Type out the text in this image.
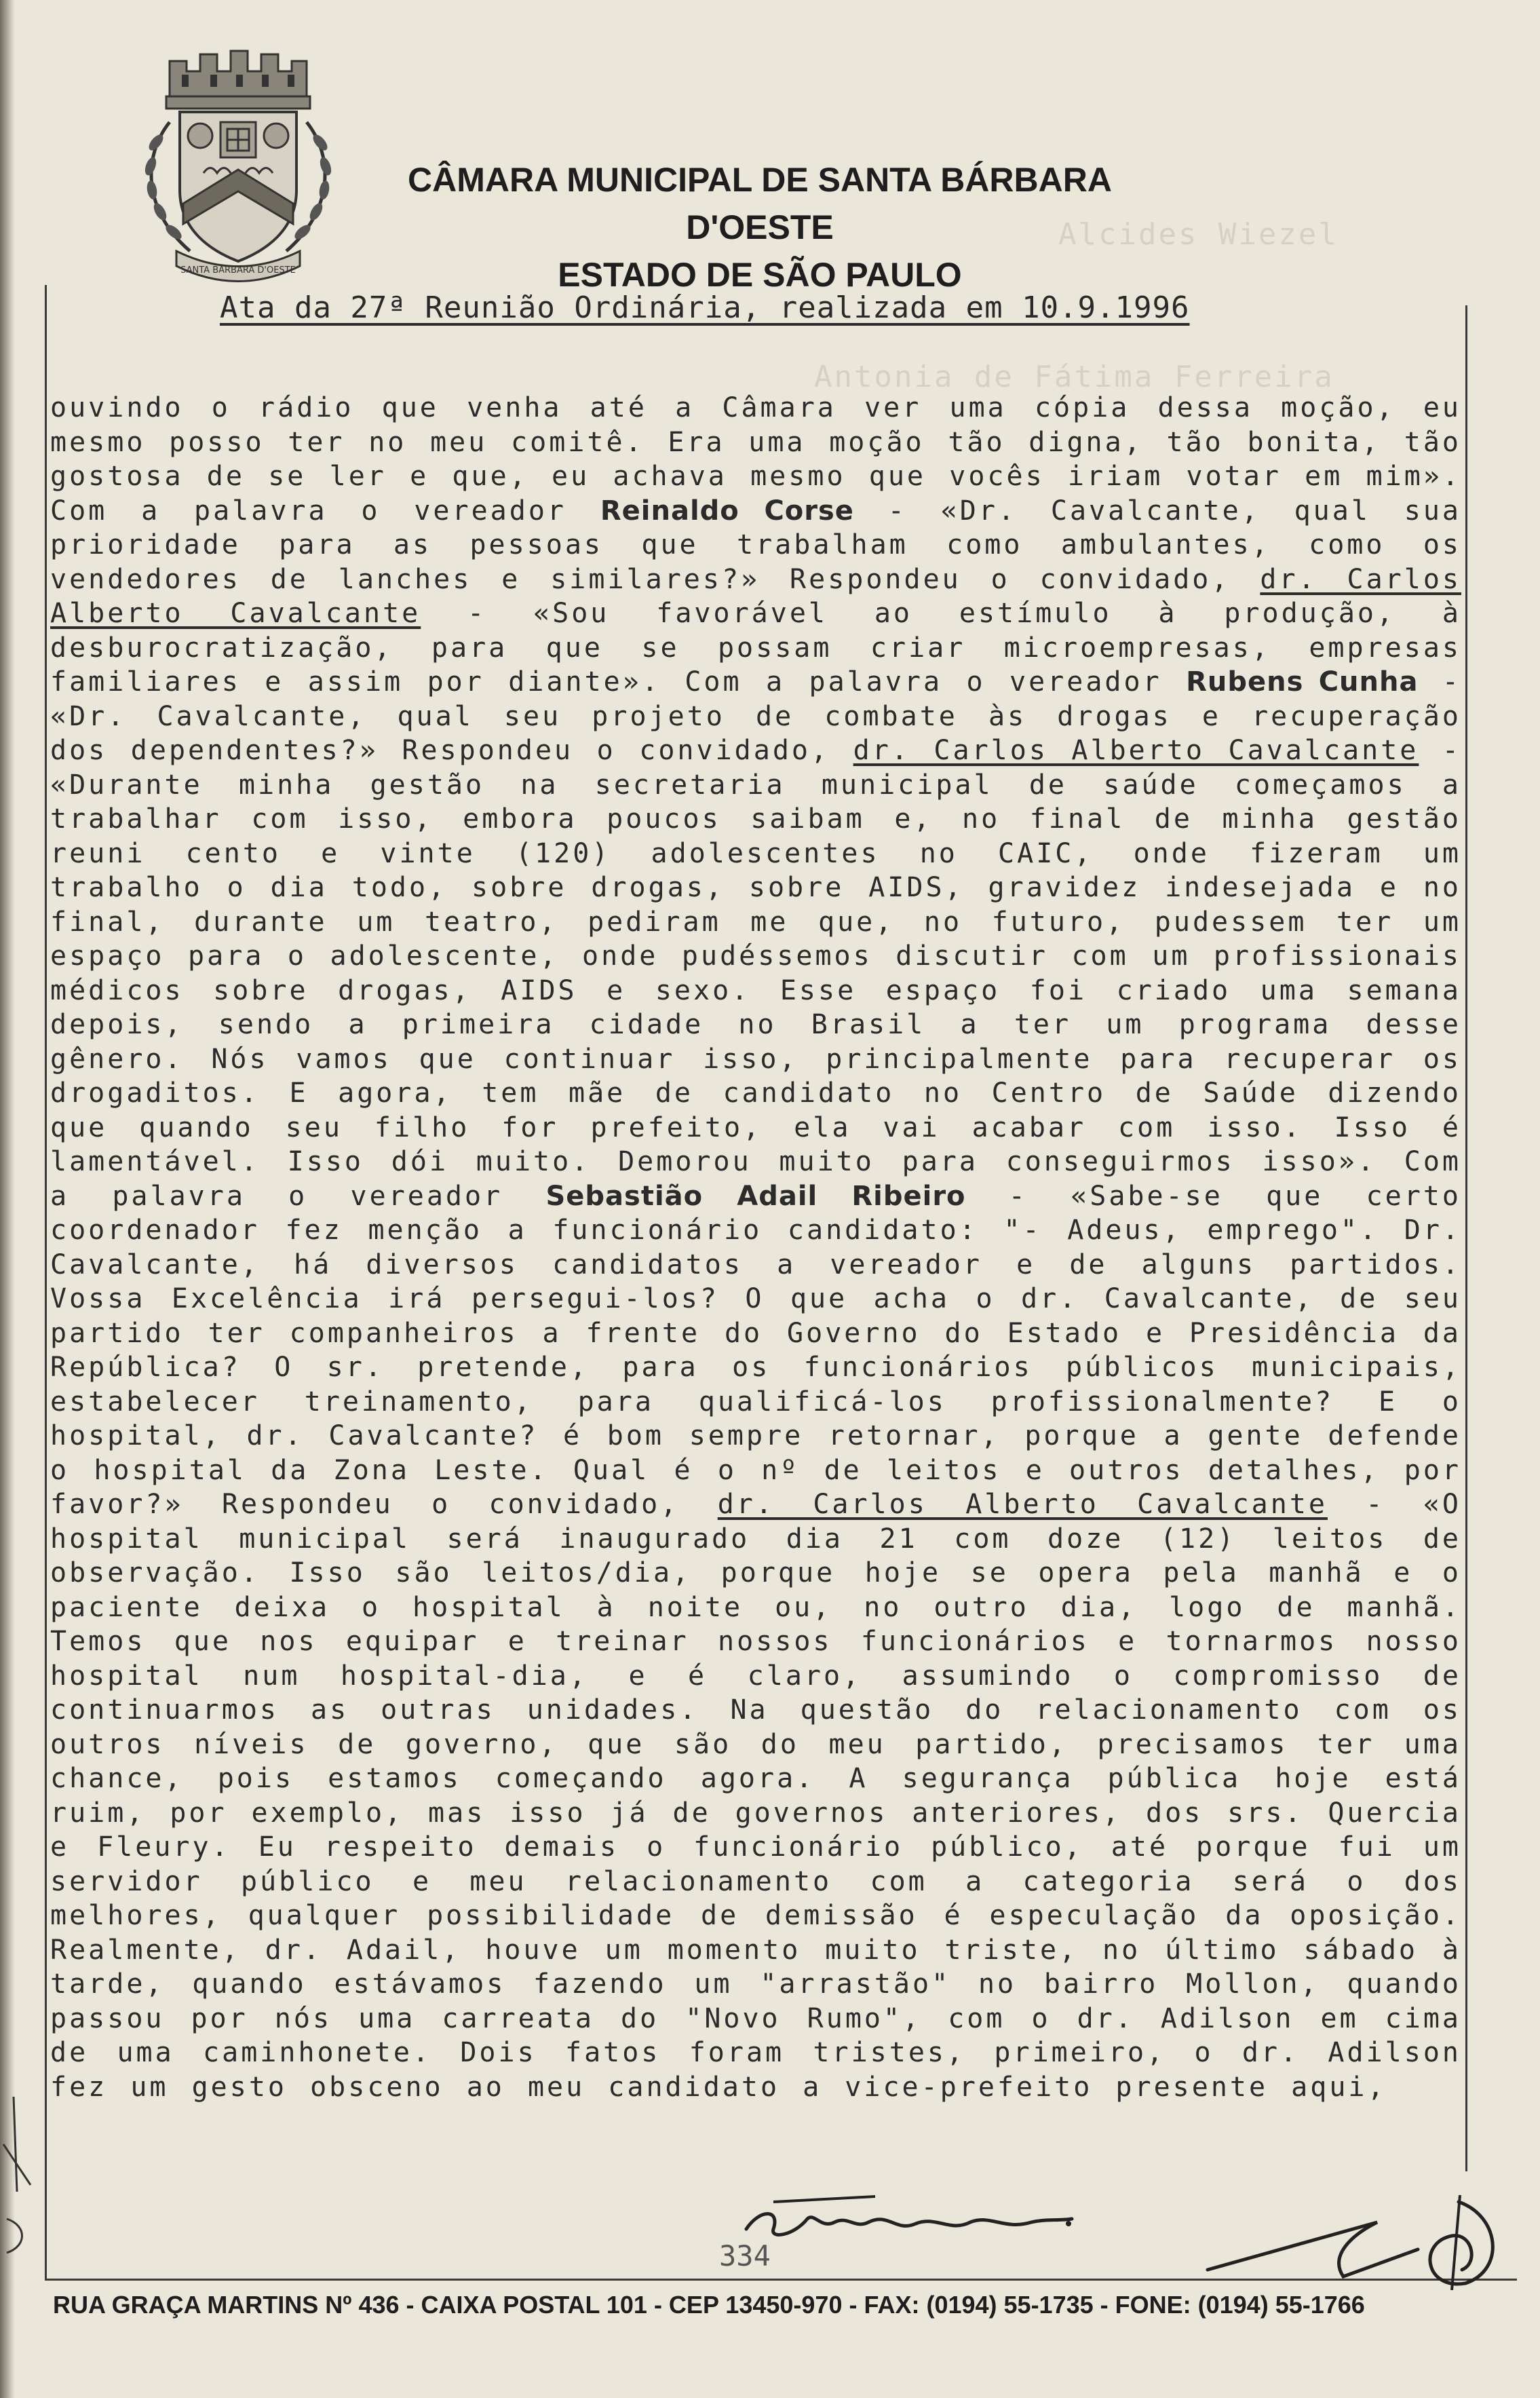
SANTA BÁRBARA D'OESTE
CÂMARA MUNICIPAL DE SANTA BÁRBARA D'OESTE
ESTADO DE SÃO PAULO
Alcides Wiezel
Antonia de Fátima Ferreira
Ata da 27ª Reunião Ordinária, realizada em 10.9.1996
ouvindo o rádio que venha até a Câmara ver uma cópia dessa moção, eu mesmo posso ter no meu comitê. Era uma moção tão digna, tão bonita, tão gostosa de se ler e que, eu achava mesmo que vocês iriam votar em mim». Com a palavra o vereador Reinaldo Corse - «Dr. Cavalcante, qual sua prioridade para as pessoas que trabalham como ambulantes, como os vendedores de lanches e similares?» Respondeu o convidado, dr. Carlos Alberto Cavalcante - «Sou favorável ao estímulo à produção, à desburocratização, para que se possam criar microempresas, empresas familiares e assim por diante». Com a palavra o vereador Rubens Cunha - «Dr. Cavalcante, qual seu projeto de combate às drogas e recuperação dos dependentes?» Respondeu o convidado, dr. Carlos Alberto Cavalcante - «Durante minha gestão na secretaria municipal de saúde começamos a trabalhar com isso, embora poucos saibam e, no final de minha gestão reuni cento e vinte (120) adolescentes no CAIC, onde fizeram um trabalho o dia todo, sobre drogas, sobre AIDS, gravidez indesejada e no final, durante um teatro, pediram me que, no futuro, pudessem ter um espaço para o adolescente, onde pudéssemos discutir com um profissionais médicos sobre drogas, AIDS e sexo. Esse espaço foi criado uma semana depois, sendo a primeira cidade no Brasil a ter um programa desse gênero. Nós vamos que continuar isso, principalmente para recuperar os drogaditos. E agora, tem mãe de candidato no Centro de Saúde dizendo que quando seu filho for prefeito, ela vai acabar com isso. Isso é lamentável. Isso dói muito. Demorou muito para conseguirmos isso». Com a palavra o vereador Sebastião Adail Ribeiro - «Sabe-se que certo coordenador fez menção a funcionário candidato: "- Adeus, emprego". Dr. Cavalcante, há diversos candidatos a vereador e de alguns partidos. Vossa Excelência irá persegui-los? O que acha o dr. Cavalcante, de seu partido ter companheiros a frente do Governo do Estado e Presidência da República? O sr. pretende, para os funcionários públicos municipais, estabelecer treinamento, para qualificá-los profissionalmente? E o hospital, dr. Cavalcante? é bom sempre retornar, porque a gente defende o hospital da Zona Leste. Qual é o nº de leitos e outros detalhes, por favor?» Respondeu o convidado, dr. Carlos Alberto Cavalcante - «O hospital municipal será inaugurado dia 21 com doze (12) leitos de observação. Isso são leitos/dia, porque hoje se opera pela manhã e o paciente deixa o hospital à noite ou, no outro dia, logo de manhã. Temos que nos equipar e treinar nossos funcionários e tornarmos nosso hospital num hospital-dia, e é claro, assumindo o compromisso de continuarmos as outras unidades. Na questão do relacionamento com os outros níveis de governo, que são do meu partido, precisamos ter uma chance, pois estamos começando agora. A segurança pública hoje está ruim, por exemplo, mas isso já de governos anteriores, dos srs. Quercia e Fleury. Eu respeito demais o funcionário público, até porque fui um servidor público e meu relacionamento com a categoria será o dos melhores, qualquer possibilidade de demissão é especulação da oposição. Realmente, dr. Adail, houve um momento muito triste, no último sábado à tarde, quando estávamos fazendo um "arrastão" no bairro Mollon, quando passou por nós uma carreata do "Novo Rumo", com o dr. Adilson em cima de uma caminhonete. Dois fatos foram tristes, primeiro, o dr. Adilson fez um gesto obsceno ao meu candidato a vice-prefeito presente aqui,
334
RUA GRAÇA MARTINS Nº 436 - CAIXA POSTAL 101 - CEP 13450-970 - FAX: (0194) 55-1735 - FONE: (0194) 55-1766
